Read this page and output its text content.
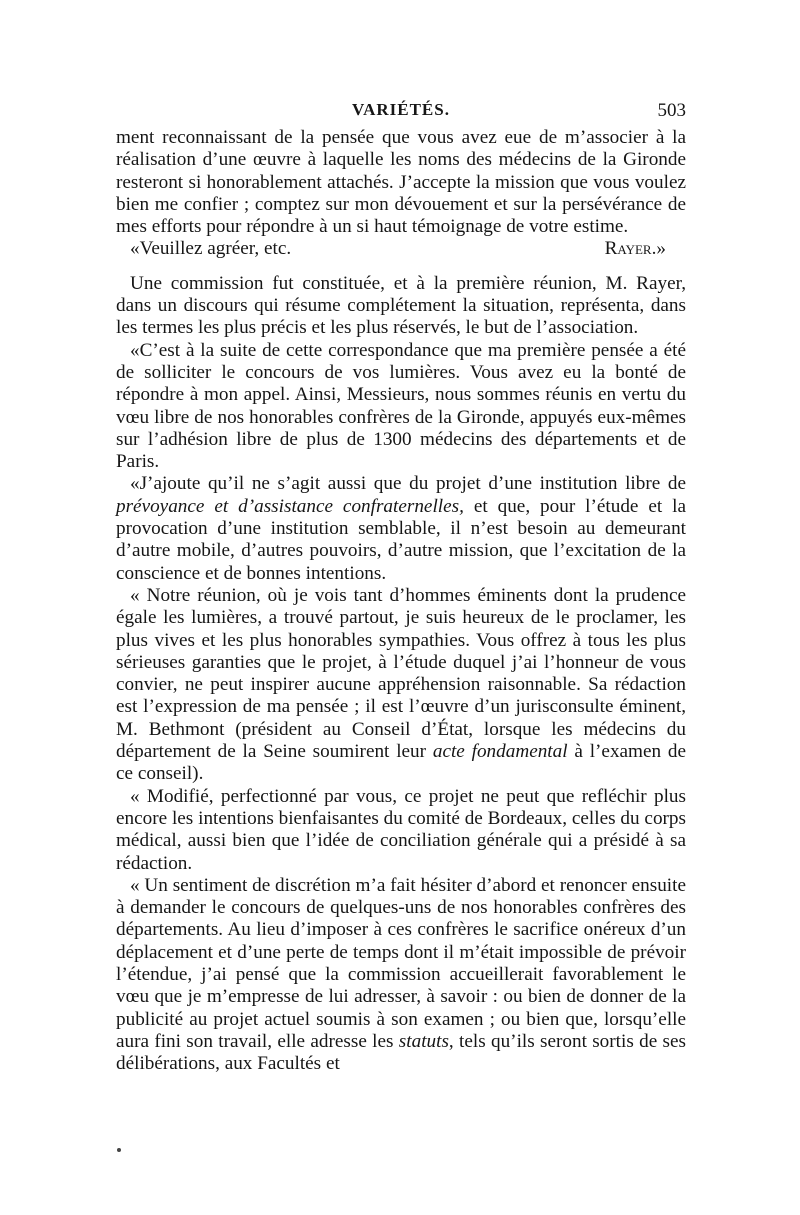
VARIÉTÉS.	503

ment reconnaissant de la pensée que vous avez eue de m’associer à la réalisation d’une œuvre à laquelle les noms des médecins de la Gironde resteront si honorablement attachés. J’accepte la mission que vous voulez bien me confier ; comptez sur mon dévouement et sur la persévérance de mes efforts pour répondre à un si haut témoignage de votre estime.

«Veuillez agréer, etc.	Rayer.»

Une commission fut constituée, et à la première réunion, M. Rayer, dans un discours qui résume complétement la situation, représenta, dans les termes les plus précis et les plus réservés, le but de l’association.

«C’est à la suite de cette correspondance que ma première pensée a été de solliciter le concours de vos lumières. Vous avez eu la bonté de répondre à mon appel. Ainsi, Messieurs, nous sommes réunis en vertu du vœu libre de nos honorables confrères de la Gironde, appuyés eux-mêmes sur l’adhésion libre de plus de 1300 médecins des départements et de Paris.

«J’ajoute qu’il ne s’agit aussi que du projet d’une institution libre de prévoyance et d’assistance confraternelles, et que, pour l’étude et la provocation d’une institution semblable, il n’est besoin au demeurant d’autre mobile, d’autres pouvoirs, d’autre mission, que l’excitation de la conscience et de bonnes intentions.

« Notre réunion, où je vois tant d’hommes éminents dont la prudence égale les lumières, a trouvé partout, je suis heureux de le proclamer, les plus vives et les plus honorables sympathies. Vous offrez à tous les plus sérieuses garanties que le projet, à l’étude duquel j’ai l’honneur de vous convier, ne peut inspirer aucune appréhension raisonnable. Sa rédaction est l’expression de ma pensée ; il est l’œuvre d’un jurisconsulte éminent, M. Bethmont (président au Conseil d’État, lorsque les médecins du département de la Seine soumirent leur acte fondamental à l’examen de ce conseil).

« Modifié, perfectionné par vous, ce projet ne peut que refléchir plus encore les intentions bienfaisantes du comité de Bordeaux, celles du corps médical, aussi bien que l’idée de conciliation générale qui a présidé à sa rédaction.

« Un sentiment de discrétion m’a fait hésiter d’abord et renoncer ensuite à demander le concours de quelques-uns de nos honorables confrères des départements. Au lieu d’imposer à ces confrères le sacrifice onéreux d’un déplacement et d’une perte de temps dont il m’était impossible de prévoir l’étendue, j’ai pensé que la commission accueillerait favorablement le vœu que je m’empresse de lui adresser, à savoir : ou bien de donner de la publicité au projet actuel soumis à son examen ; ou bien que, lorsqu’elle aura fini son travail, elle adresse les statuts, tels qu’ils seront sortis de ses délibérations, aux Facultés et
